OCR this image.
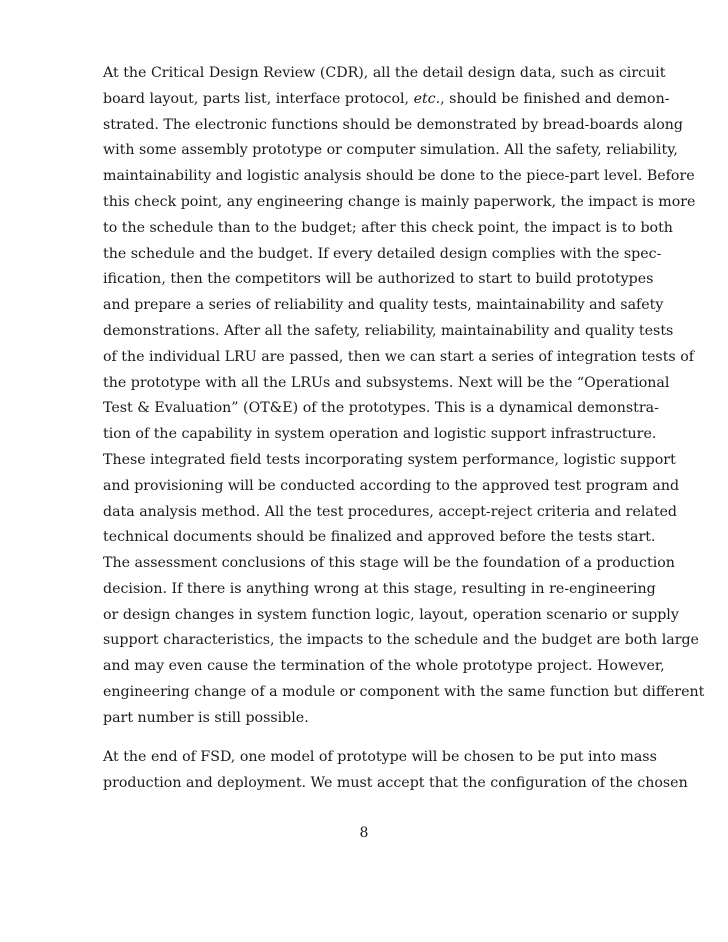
At the Critical Design Review (CDR), all the detail design data, such as circuit
board layout, parts list, interface protocol, etc., should be finished and demon-
strated. The electronic functions should be demonstrated by bread-boards along
with some assembly prototype or computer simulation. All the safety, reliability,
maintainability and logistic analysis should be done to the piece-part level. Before
this check point, any engineering change is mainly paperwork, the impact is more
to the schedule than to the budget; after this check point, the impact is to both
the schedule and the budget. If every detailed design complies with the spec-
ification, then the competitors will be authorized to start to build prototypes
and prepare a series of reliability and quality tests, maintainability and safety
demonstrations. After all the safety, reliability, maintainability and quality tests
of the individual LRU are passed, then we can start a series of integration tests of
the prototype with all the LRUs and subsystems. Next will be the “Operational
Test & Evaluation” (OT&E) of the prototypes. This is a dynamical demonstra-
tion of the capability in system operation and logistic support infrastructure.
These integrated field tests incorporating system performance, logistic support
and provisioning will be conducted according to the approved test program and
data analysis method. All the test procedures, accept-reject criteria and related
technical documents should be finalized and approved before the tests start.
The assessment conclusions of this stage will be the foundation of a production
decision. If there is anything wrong at this stage, resulting in re-engineering
or design changes in system function logic, layout, operation scenario or supply
support characteristics, the impacts to the schedule and the budget are both large
and may even cause the termination of the whole prototype project. However,
engineering change of a module or component with the same function but different
part number is still possible.
At the end of FSD, one model of prototype will be chosen to be put into mass
production and deployment. We must accept that the configuration of the chosen
8
